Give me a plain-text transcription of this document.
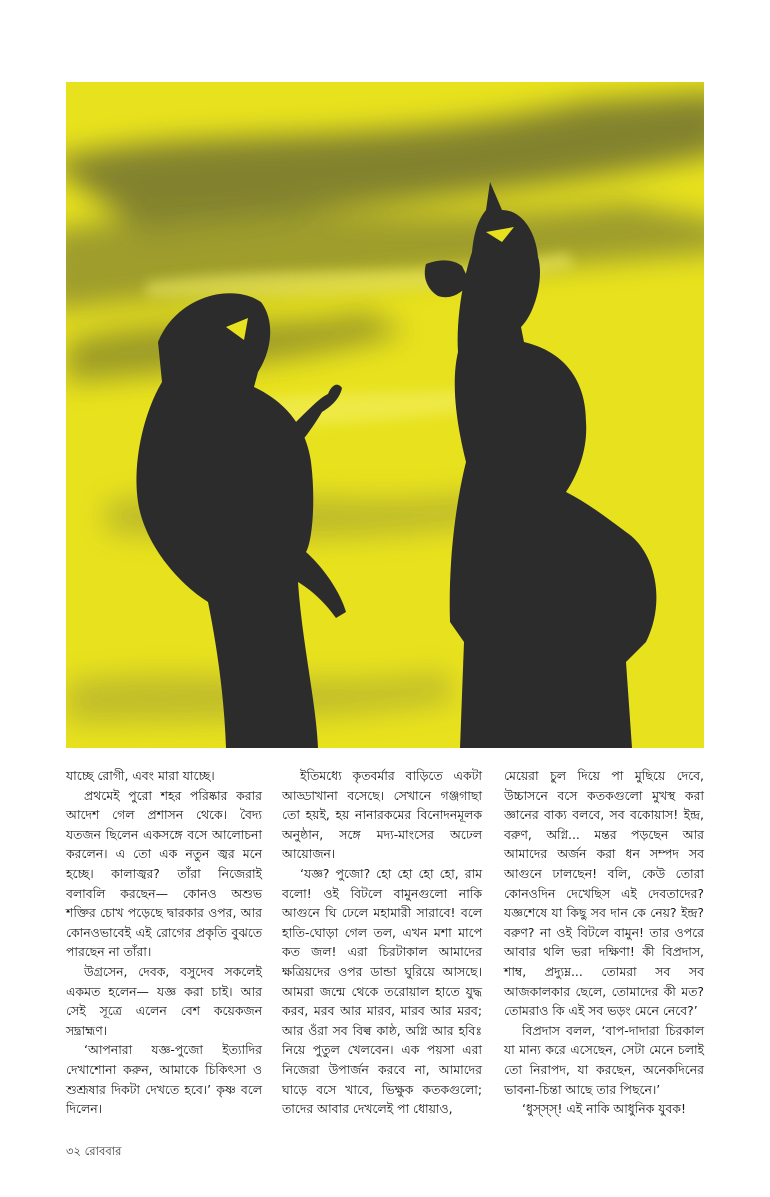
যাচ্ছে রোগী, এবং মারা যাচ্ছে।

প্রথমেই পুরো শহর পরিষ্কার করার আদেশ গেল প্রশাসন থেকে। বৈদ্য যতজন ছিলেন একসঙ্গে বসে আলোচনা করলেন। এ তো এক নতুন জ্বর মনে হচ্ছে। কালাজ্বর? তাঁরা নিজেরাই বলাবলি করছেন— কোনও অশুভ শক্তির চোখ পড়েছে দ্বারকার ওপর, আর কোনওভাবেই এই রোগের প্রকৃতি বুঝতে পারছেন না তাঁরা।

উগ্রসেন, দেবক, বসুদেব সকলেই একমত হলেন— যজ্ঞ করা চাই। আর সেই সূত্রে এলেন বেশ কয়েকজন সদ্ব্রাহ্মণ।

‘আপনারা যজ্ঞ-পুজো ইত্যাদির দেখাশোনা করুন, আমাকে চিকিৎসা ও শুশ্রূষার দিকটা দেখতে হবে।’ কৃষ্ণ বলে দিলেন।

ইতিমধ্যে কৃতবর্মার বাড়িতে একটা আড্ডাখানা বসেছে। সেখানে গঞ্জগাছা তো হয়ই, হয় নানারকমের বিনোদনমূলক অনুষ্ঠান, সঙ্গে মদ্য-মাংসের অঢেল আয়োজন।

‘যজ্ঞ? পুজো? হো হো হো হো, রাম বলো! ওই বিটলে বামুনগুলো নাকি আগুনে ঘি ঢেলে মহামারী সারাবে! বলে হাতি-ঘোড়া গেল তল, এখন মশা মাপে কত জল! এরা চিরটাকাল আমাদের ক্ষত্রিয়দের ওপর ডান্ডা ঘুরিয়ে আসছে। আমরা জন্মে থেকে তরোয়াল হাতে যুদ্ধ করব, মরব আর মারব, মারব আর মরব; আর ওঁরা সব বিল্ব কাষ্ঠ, অগ্নি আর হবিঃ নিয়ে পুতুল খেলবেন। এক পয়সা এরা নিজেরা উপার্জন করবে না, আমাদের ঘাড়ে বসে খাবে, ভিক্ষুক কতকগুলো; তাদের আবার দেখলেই পা ধোয়াও,

মেয়েরা চুল দিয়ে পা মুছিয়ে দেবে, উচ্চাসনে বসে কতকগুলো মুখস্থ করা জ্ঞানের বাক্য বলবে, সব বকোয়াস! ইন্দ্র, বরুণ, অগ্নি... মন্তর পড়ছেন আর আমাদের অর্জন করা ধন সম্পদ সব আগুনে ঢালছেন! বলি, কেউ তোরা কোনওদিন দেখেছিস এই দেবতাদের? যজ্ঞশেষে যা কিছু সব দান কে নেয়? ইন্দ্র? বরুণ? না ওই বিটলে বামুন! তার ওপরে আবার থলি ভরা দক্ষিণা! কী বিপ্রদাস, শাম্ব, প্রদ্যুম্ন... তোমরা সব সব আজকালকার ছেলে, তোমাদের কী মত? তোমরাও কি এই সব ভড়ং মেনে নেবে?’

বিপ্রদাস বলল, ‘বাপ-দাদারা চিরকাল যা মান্য করে এসেছেন, সেটা মেনে চলাই তো নিরাপদ, যা করছেন, অনেকদিনের ভাবনা-চিন্তা আছে তার পিছনে।’

‘ধুস্‌স্‌স্‌! এই নাকি আধুনিক যুবক!

৩২ রোববার
